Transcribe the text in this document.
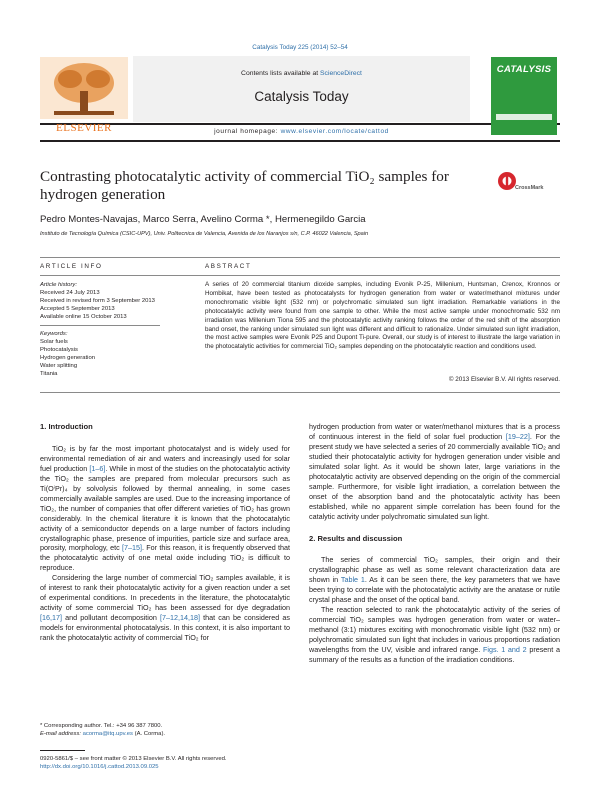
Catalysis Today 225 (2014) 52–54
Contents lists available at ScienceDirect
Catalysis Today
journal homepage: www.elsevier.com/locate/cattod
ELSEVIER
CATALYSIS
Contrasting photocatalytic activity of commercial TiO₂ samples for
hydrogen generation	CrossMark
Pedro Montes-Navajas, Marco Serra, Avelino Corma *, Hermenegildo Garcia
Instituto de Tecnología Química (CSIC-UPV), Univ. Politecnica de Valencia, Avenida de los Naranjos s/n, C.P. 46022 Valencia, Spain
ARTICLE INFO	ABSTRACT
Article history:
Received 24 July 2013
Received in revised form 3 September 2013
Accepted 5 September 2013
Available online 15 October 2013
Keywords:
Solar fuels
Photocatalysis
Hydrogen generation
Water splitting
Titania
A series of 20 commercial titanium dioxide samples, including Evonik P-25, Millenium, Huntsman, Crenox, Kronnos or Hombikat, have been tested as photocatalysts for hydrogen generation from water or water/methanol mixtures under monochromatic visible light (532 nm) or polychromatic simulated sun light irradiation. Remarkable variations in the photocatalytic activity were found from one sample to other. While the most active sample under monochromatic 532 nm irradiation was Millenium Tiona 595 and the photocatalytic activity ranking follows the order of the red shift of the absorption band onset, the ranking under simulated sun light was different and difficult to rationalize. Under simulated sun light irradiation, the most active samples were Evonik P25 and Dupont Ti-pure. Overall, our study is of interest to illustrate the large variation in the photocatalytic activities for commercial TiO₂ samples depending on the photocatalytic reaction and conditions used.
© 2013 Elsevier B.V. All rights reserved.
1. Introduction

TiO₂ is by far the most important photocatalyst and is widely used for environmental remediation of air and waters and increasingly used for solar fuel production [1–6]. While in most of the studies on the photocatalytic activity the TiO₂ the samples are prepared from molecular precursors such as Ti(OⁱPr)₄ by solvolysis followed by thermal annealing, in some cases commercially available samples are used. Due to the increasing importance of TiO₂, the number of companies that offer different varieties of TiO₂ has grown considerably. In the chemical literature it is known that the photocatalytic activity of a semiconductor depends on a large number of factors including crystallographic phase, presence of impurities, particle size and surface area, porosity, morphology, etc [7–15]. For this reason, it is frequently observed that the photocatalytic activity of one metal oxide including TiO₂ is difficult to reproduce.

Considering the large number of commercial TiO₂ samples available, it is of interest to rank their photocatalytic activity for a given reaction under a set of experimental conditions. In precedents in the literature, the photocatalytic activity of some commercial TiO₂ has been assessed for dye degradation [16,17] and pollutant decomposition [7–12,14,18] that can be considered as models for environmental photocatalysis. In this context, it is also important to rank the photocatalytic activity of commercial TiO₂ for

hydrogen production from water or water/methanol mixtures that is a process of continuous interest in the field of solar fuel production [19–22]. For the present study we have selected a series of 20 commercially available TiO₂ and studied their photocatalytic activity for hydrogen generation under visible and simulated solar light. As it would be shown later, large variations in the photocatalytic activity are observed depending on the origin of the commercial sample. Furthermore, for visible light irradiation, a correlation between the onset of the absorption band and the photocatalytic activity has been established, while no apparent simple correlation has been found for the catalytic activity under polychromatic simulated sun light.

2. Results and discussion

The series of commercial TiO₂ samples, their origin and their crystallographic phase as well as some relevant characterization data are shown in Table 1. As it can be seen there, the key parameters that we have been trying to correlate with the photocatalytic activity are the anatase or rutile crystal phase and the onset of the optical band.

The reaction selected to rank the photocatalytic activity of the series of commercial TiO₂ samples was hydrogen generation from water or water–methanol (3:1) mixtures exciting with monochromatic visible light (532 nm) or polychromatic simulated sun light that includes in various proportions radiation wavelengths from the UV, visible and infrared range. Figs. 1 and 2 present a summary of the results as a function of the irradiation conditions.

* Corresponding author. Tel.: +34 96 387 7800.
E-mail address: acorma@itq.upv.es (A. Corma).
0920-5861/$ – see front matter © 2013 Elsevier B.V. All rights reserved.
http://dx.doi.org/10.1016/j.cattod.2013.09.025
